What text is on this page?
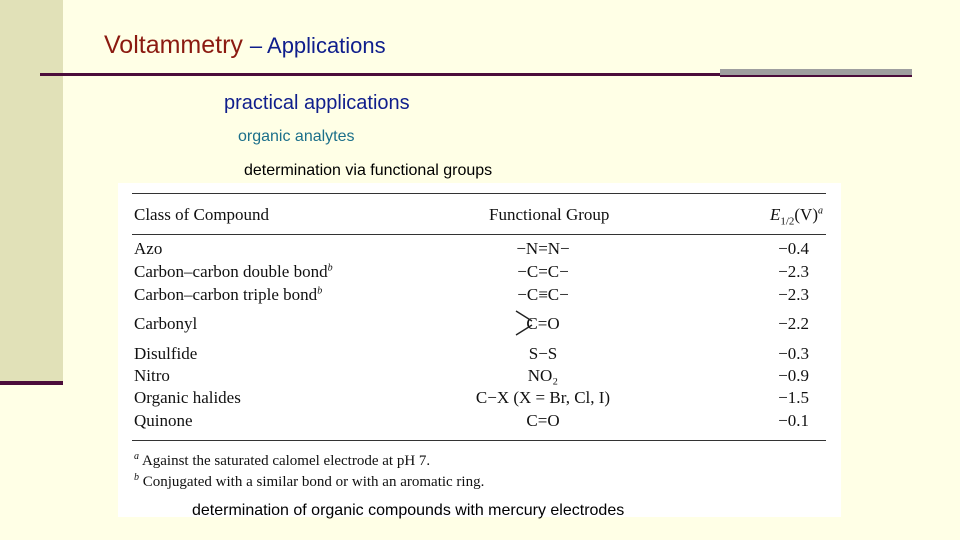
Voltammetry – Applications
practical applications
organic analytes
determination via functional groups
Class of Compound	Functional Group	$E_{1/2}(V)^a$
Azo	−N=N−	−0.4
Carbon–carbon double bond$^b$	−C=C−	−2.3
Carbon–carbon triple bond$^b$	−C≡C−	−2.3
Carbonyl	C=O	−2.2
Disulfide	S−S	−0.3
Nitro	NO₂	−0.9
Organic halides	C−X (X = Br, Cl, I)	−1.5
Quinone	C=O	−0.1
$^a$ Against the saturated calomel electrode at pH 7.
$^b$ Conjugated with a similar bond or with an aromatic ring.
determination of organic compounds with mercury electrodes
